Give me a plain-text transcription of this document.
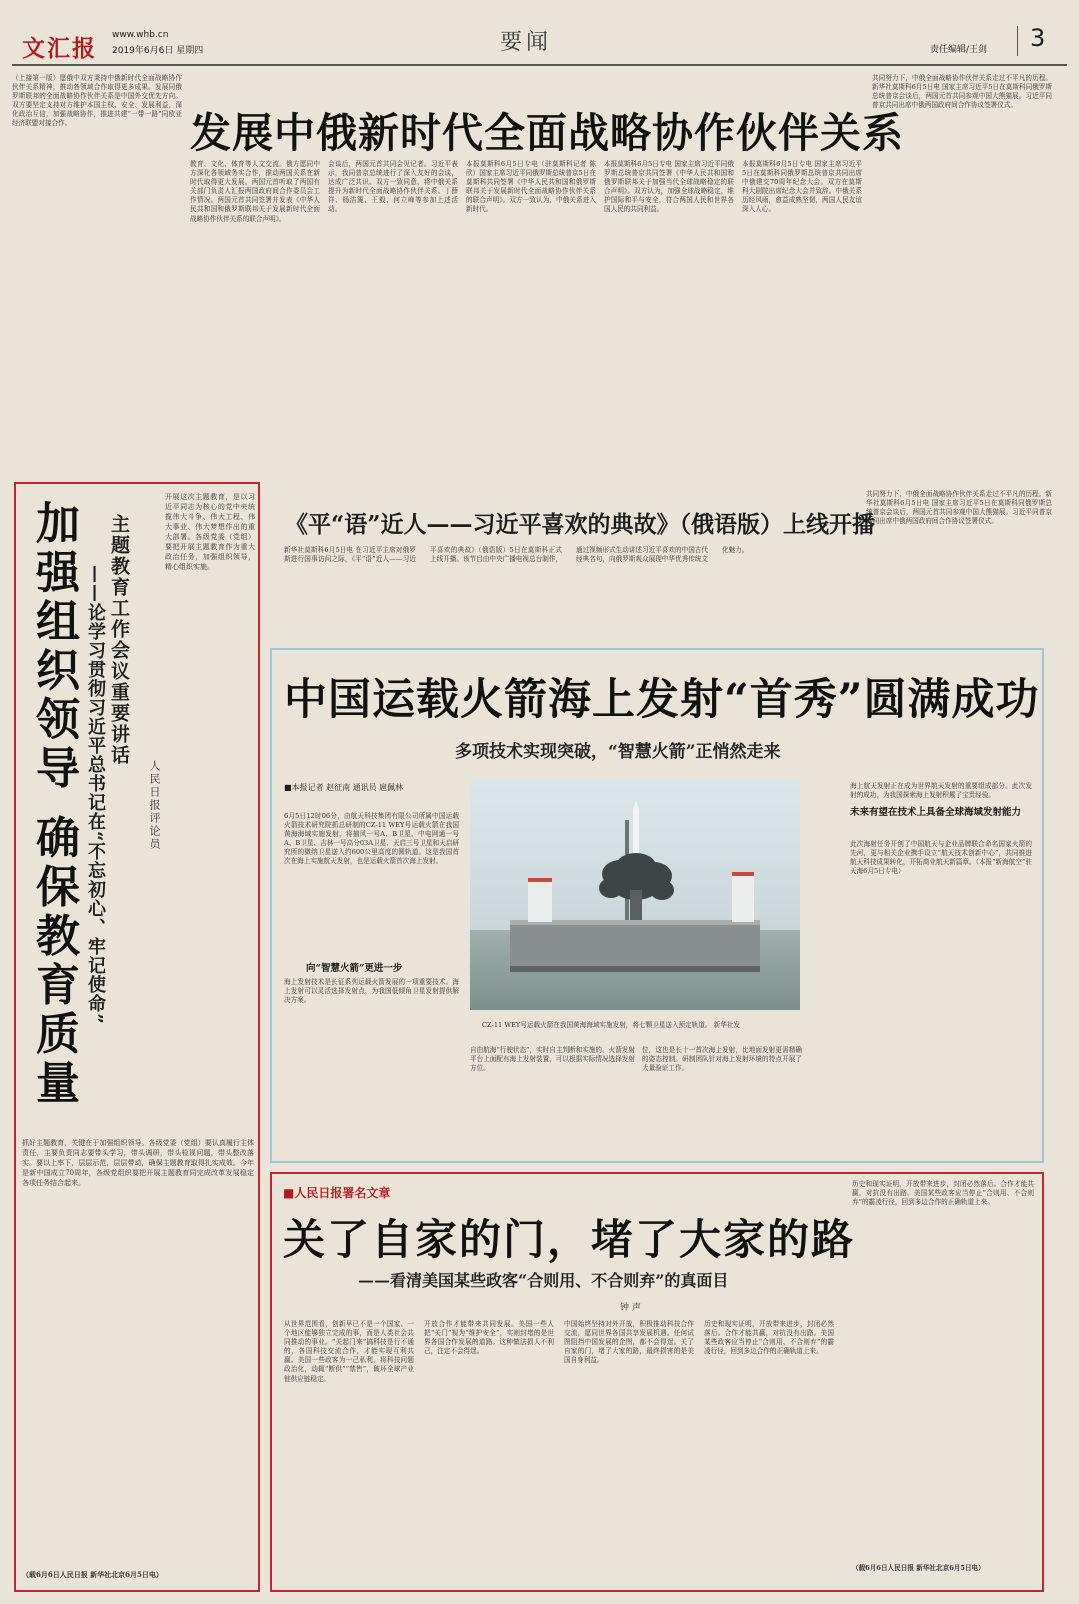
文汇报 www.whb.cn
2019年6月6日 星期四	要闻	责任编辑/王剑 3
（上接第一版）愿俄中双方秉持中俄新时代全面战略协作伙伴关系精神，推动各领域合作取得更多成果。发展同俄罗斯联邦的全面战略协作伙伴关系是中国外交优先方向。双方要坚定支持对方维护本国主权、安全、发展利益，深化政治互信，加强战略协作，推进共建“一带一路”同欧亚经济联盟对接合作。	发展中俄新时代全面战略协作伙伴关系
教育、文化、体育等人文交流。俄方愿同中方深化各领域务实合作，推动两国关系在新时代取得更大发展。两国元首听取了两国有关部门负责人汇报两国政府间合作委员会工作情况。两国元首共同签署并发表《中华人民共和国和俄罗斯联邦关于发展新时代全面战略协作伙伴关系的联合声明》。
会谈后，两国元首共同会见记者。习近平表示，我同普京总统进行了深入友好的会谈，达成广泛共识。双方一致同意，将中俄关系提升为新时代全面战略协作伙伴关系。丁薛祥、杨洁篪、王毅、何立峰等参加上述活动。
本报莫斯科6月5日专电（驻莫斯科记者 陈欣）国家主席习近平同俄罗斯总统普京5日在莫斯科共同签署《中华人民共和国和俄罗斯联邦关于发展新时代全面战略协作伙伴关系的联合声明》。双方一致认为，中俄关系进入新时代。
本报莫斯科6月5日专电 国家主席习近平同俄罗斯总统普京共同签署《中华人民共和国和俄罗斯联邦关于加强当代全球战略稳定的联合声明》。双方认为，加强全球战略稳定，维护国际和平与安全，符合两国人民和世界各国人民的共同利益。
本报莫斯科6月5日专电 国家主席习近平5日在莫斯科同俄罗斯总统普京共同出席中俄建交70周年纪念大会。双方在莫斯科大剧院出席纪念大会并致辞。中俄关系历经风雨，愈益成熟坚韧，两国人民友谊深入人心。
共同努力下，中俄全面战略协作伙伴关系走过不平凡的历程。新华社莫斯科6月5日电 国家主席习近平5日在莫斯科同俄罗斯总统普京会谈后，两国元首共同参观中国大熊猫展。习近平同普京共同出席中俄两国政府间合作协议签署仪式。
加强组织领导 确保教育质量 主题教育工作会议重要讲话
——论学习贯彻习近平总书记在“不忘初心、牢记使命”	人民日报评论员
开展这次主题教育，是以习近平同志为核心的党中央统揽伟大斗争、伟大工程、伟大事业、伟大梦想作出的重大部署。各级党委（党组）要把开展主题教育作为重大政治任务，加强组织领导，精心组织实施。
抓好主题教育，关键在于加强组织领导。各级党委（党组）要认真履行主体责任，主要负责同志要带头学习，带头调研，带头检视问题，带头整改落实。要以上率下，层层示范，层层带动，确保主题教育取得扎实成效。今年是新中国成立70周年，各级党组织要把开展主题教育同完成改革发展稳定各项任务结合起来。
（载6月6日人民日报 新华社北京6月5日电）
《平“语”近人——习近平喜欢的典故》（俄语版）上线开播
新华社莫斯科6月5日电 在习近平主席对俄罗斯进行国事访问之际，《平“语”近人——习近平喜欢的典故》（俄语版）5日在莫斯科正式上线开播。该节目由中央广播电视总台制作，通过视频形式生动讲述习近平喜欢的中国古代经典名句，向俄罗斯观众展现中华优秀传统文化魅力。
共同努力下，中俄全面战略协作伙伴关系走过不平凡的历程。新华社莫斯科6月5日电 国家主席习近平5日在莫斯科同俄罗斯总统普京会谈后，两国元首共同参观中国大熊猫展。习近平同普京共同出席中俄两国政府间合作协议签署仪式。
中国运载火箭海上发射“首秀”圆满成功
多项技术实现突破，“智慧火箭”正悄然走来
■本报记者 赵征南 通讯员 扈佩林
6月5日12时06分，由航天科技集团有限公司所属中国运载火箭技术研究院抓总研制的CZ-11 WEY号运载火箭在我国黄海海域实施发射，将捕风一号A、B卫星、中电网通一号A、B卫星、吉林一号高分03A卫星、天启三号卫星和天启研究所的微纳卫星送入约600公里高度的圆轨道。这是我国首次在海上实施航天发射，也是运载火箭首次海上发射。
向“智慧火箭”更进一步
海上发射技术是长征系列运载火箭发展的一项重要技术。海上发射可以灵活选择发射点，为我国低倾角卫星发射提供解决方案。
CZ-11 WEY号运载火箭在我国黄海海域实施发射，将七颗卫星送入预定轨道。 新华社发
自由航海“行驶状态”，实时自主判断和实施的。火箭发射平台上面配有海上发射装置，可以根据实际情况选择发射方位。
位，这也是长十一首次海上发射，比地面发射更需精确的姿态控制。研制团队针对海上发射环境的特点开展了大量验证工作。
海上航天发射正在成为世界航天发射的重要组成部分。此次发射的成功，为我国探索海上发射积累了宝贵经验。
未来有望在技术上具备全球海域发射能力
此次海射任务开创了中国航天与企业品牌联合命名国家火箭的先河，更与相关企业携手设立“航天技术创新中心”，共同推进航天科技成果转化，开拓商业航天新篇章。（本报“新海航空”驻天海6月5日专电）
■人民日报署名文章
关了自家的门，堵了大家的路
——看清美国某些政客“合则用、不合则弃”的真面目
钟 声
从世界范围看，创新早已不是一个国家、一个地区能够独立完成的事，而是人类社会共同推动的事业。“关起门来”搞科技是行不通的，各国科技交流合作，才能实现互利共赢。美国一些政客为一己私利，将科技问题政治化，动辄“断供”“禁售”，破坏全球产业链供应链稳定。
开放合作才能带来共同发展。美国一些人把“关门”视为“维护安全”，实则封堵的是世界各国合作发展的道路。这种做法损人不利己，注定不会得逞。
中国始终坚持对外开放，积极推动科技合作交流，愿同世界各国共享发展机遇。任何试图阻挡中国发展的企图，都不会得逞。关了自家的门，堵了大家的路，最终损害的是美国自身利益。
历史和现实证明，开放带来进步，封闭必然落后。合作才能共赢，对抗没有出路。美国某些政客应当停止“合则用、不合则弃”的霸凌行径，回到多边合作的正确轨道上来。
历史和现实证明，开放带来进步，封闭必然落后。合作才能共赢，对抗没有出路。美国某些政客应当停止“合则用、不合则弃”的霸凌行径，回到多边合作的正确轨道上来。
（载6月6日人民日报 新华社北京6月5日电）
